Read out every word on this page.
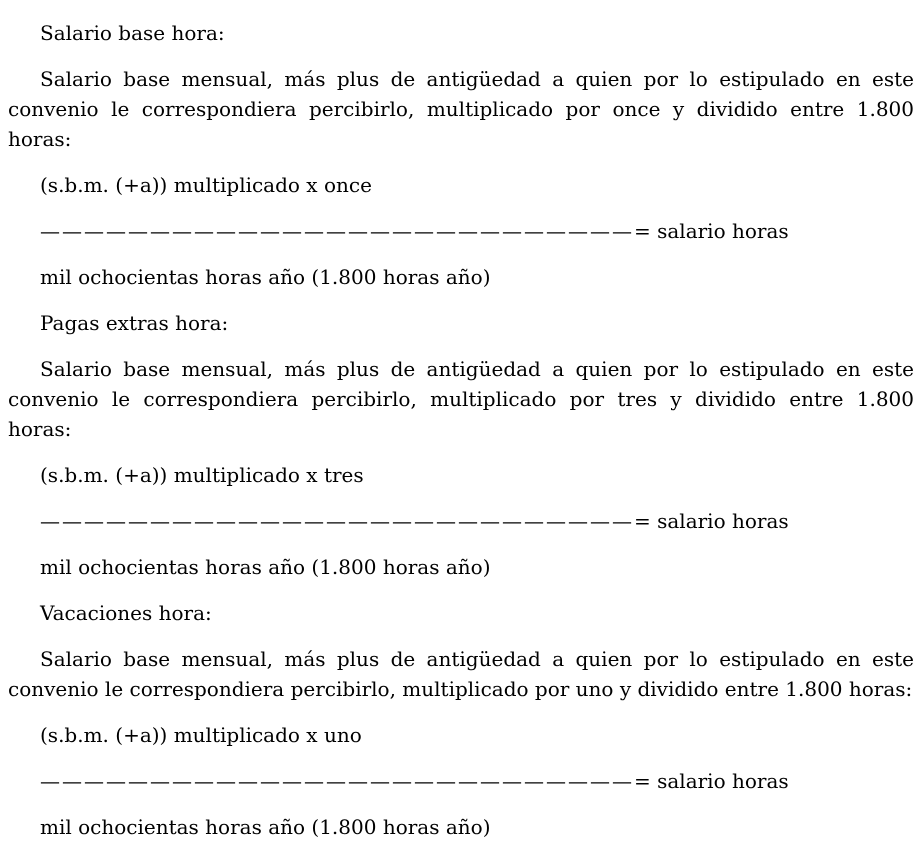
Salario base hora:

Salario base mensual, más plus de antigüedad a quien por lo estipulado en este convenio le correspondiera percibirlo, multiplicado por once y dividido entre 1.800 horas:

(s.b.m. (+a)) multiplicado x once

———————————————————————————= salario horas

mil ochocientas horas año (1.800 horas año)

Pagas extras hora:

Salario base mensual, más plus de antigüedad a quien por lo estipulado en este convenio le correspondiera percibirlo, multiplicado por tres y dividido entre 1.800 horas:

(s.b.m. (+a)) multiplicado x tres

———————————————————————————= salario horas

mil ochocientas horas año (1.800 horas año)

Vacaciones hora:

Salario base mensual, más plus de antigüedad a quien por lo estipulado en este convenio le correspondiera percibirlo, multiplicado por uno y dividido entre 1.800 horas:

(s.b.m. (+a)) multiplicado x uno

———————————————————————————= salario horas

mil ochocientas horas año (1.800 horas año)
